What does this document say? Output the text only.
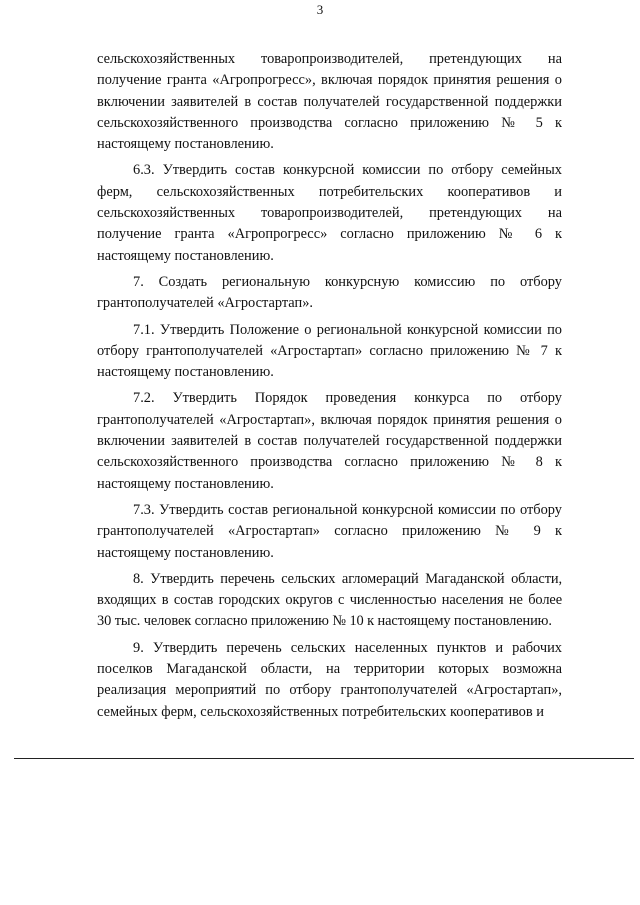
3

сельскохозяйственных товаропроизводителей, претендующих на получение гранта «Агропрогресс», включая порядок принятия решения о включении заявителей в состав получателей государственной поддержки сельскохозяйственного производства согласно приложению № 5 к настоящему постановлению.

6.3. Утвердить состав конкурсной комиссии по отбору семейных ферм, сельскохозяйственных потребительских кооперативов и сельскохозяйственных товаропроизводителей, претендующих на получение гранта «Агропрогресс» согласно приложению № 6 к настоящему постановлению.

7. Создать региональную конкурсную комиссию по отбору грантополучателей «Агростартап».

7.1. Утвердить Положение о региональной конкурсной комиссии по отбору грантополучателей «Агростартап» согласно приложению № 7 к настоящему постановлению.

7.2. Утвердить Порядок проведения конкурса по отбору грантополучателей «Агростартап», включая порядок принятия решения о включении заявителей в состав получателей государственной поддержки сельскохозяйственного производства согласно приложению № 8 к настоящему постановлению.

7.3. Утвердить состав региональной конкурсной комиссии по отбору грантополучателей «Агростартап» согласно приложению № 9 к настоящему постановлению.

8. Утвердить перечень сельских агломераций Магаданской области, входящих в состав городских округов с численностью населения не более 30 тыс. человек согласно приложению № 10 к настоящему постановлению.

9. Утвердить перечень сельских населенных пунктов и рабочих поселков Магаданской области, на территории которых возможна реализация мероприятий по отбору грантополучателей «Агростартап», семейных ферм, сельскохозяйственных потребительских кооперативов и
